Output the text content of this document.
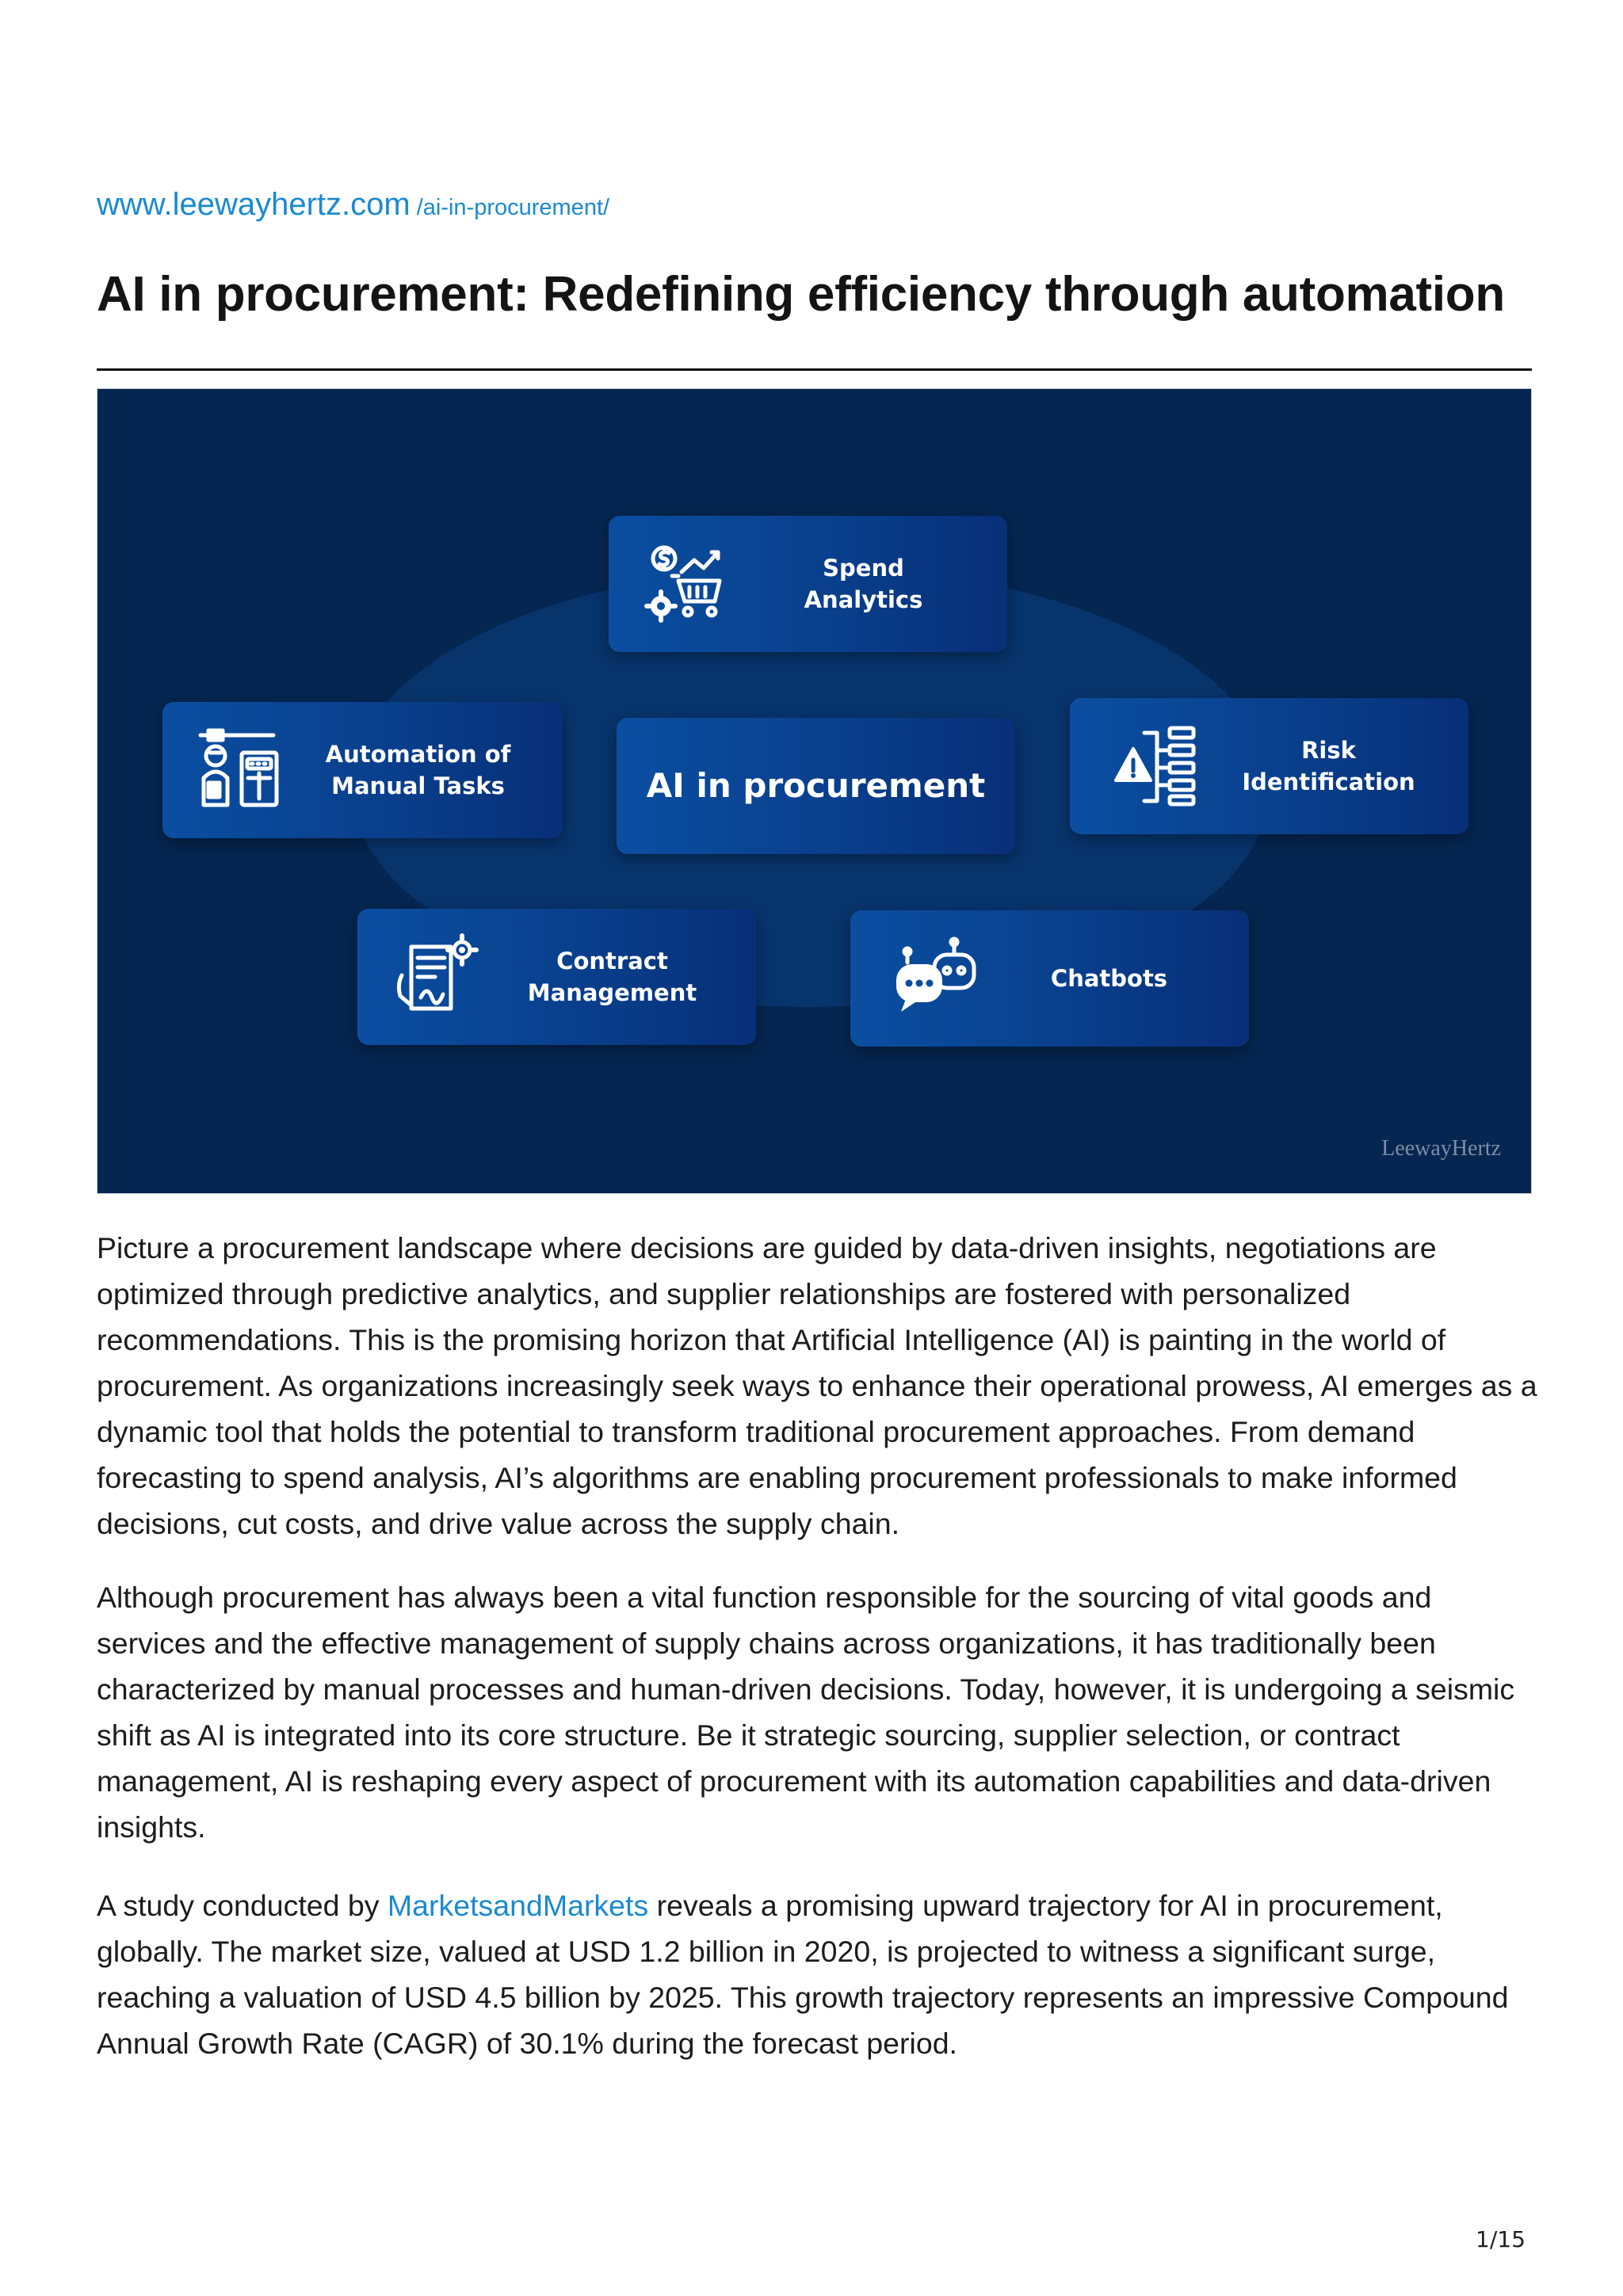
www.leewayhertz.com /ai-in-procurement/
AI in procurement: Redefining efficiency through automation
Spend
Analytics
Automation of
Manual Tasks	AI in procurement
Risk
Identification
Contract
Management
Chatbots
LeewayHertz

Picture a procurement landscape where decisions are guided by data-driven insights, negotiations are optimized through predictive analytics, and supplier relationships are fostered with personalized recommendations. This is the promising horizon that Artificial Intelligence (AI) is painting in the world of procurement. As organizations increasingly seek ways to enhance their operational prowess, AI emerges as a dynamic tool that holds the potential to transform traditional procurement approaches. From demand forecasting to spend analysis, AI’s algorithms are enabling procurement professionals to make informed decisions, cut costs, and drive value across the supply chain.

Although procurement has always been a vital function responsible for the sourcing of vital goods and services and the effective management of supply chains across organizations, it has traditionally been characterized by manual processes and human-driven decisions. Today, however, it is undergoing a seismic shift as AI is integrated into its core structure. Be it strategic sourcing, supplier selection, or contract management, AI is reshaping every aspect of procurement with its automation capabilities and data-driven insights.

A study conducted by MarketsandMarkets reveals a promising upward trajectory for AI in procurement, globally. The market size, valued at USD 1.2 billion in 2020, is projected to witness a significant surge, reaching a valuation of USD 4.5 billion by 2025. This growth trajectory represents an impressive Compound Annual Growth Rate (CAGR) of 30.1% during the forecast period.

1/15
